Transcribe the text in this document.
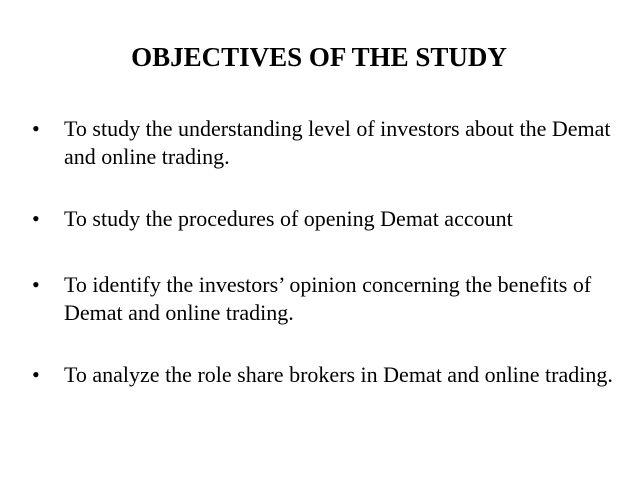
OBJECTIVES OF THE STUDY
• To study the understanding level of investors about the Demat and online trading.
• To study the procedures of opening Demat account
• To identify the investors’ opinion concerning the benefits of Demat and online trading.
• To analyze the role share brokers in Demat and online trading.
